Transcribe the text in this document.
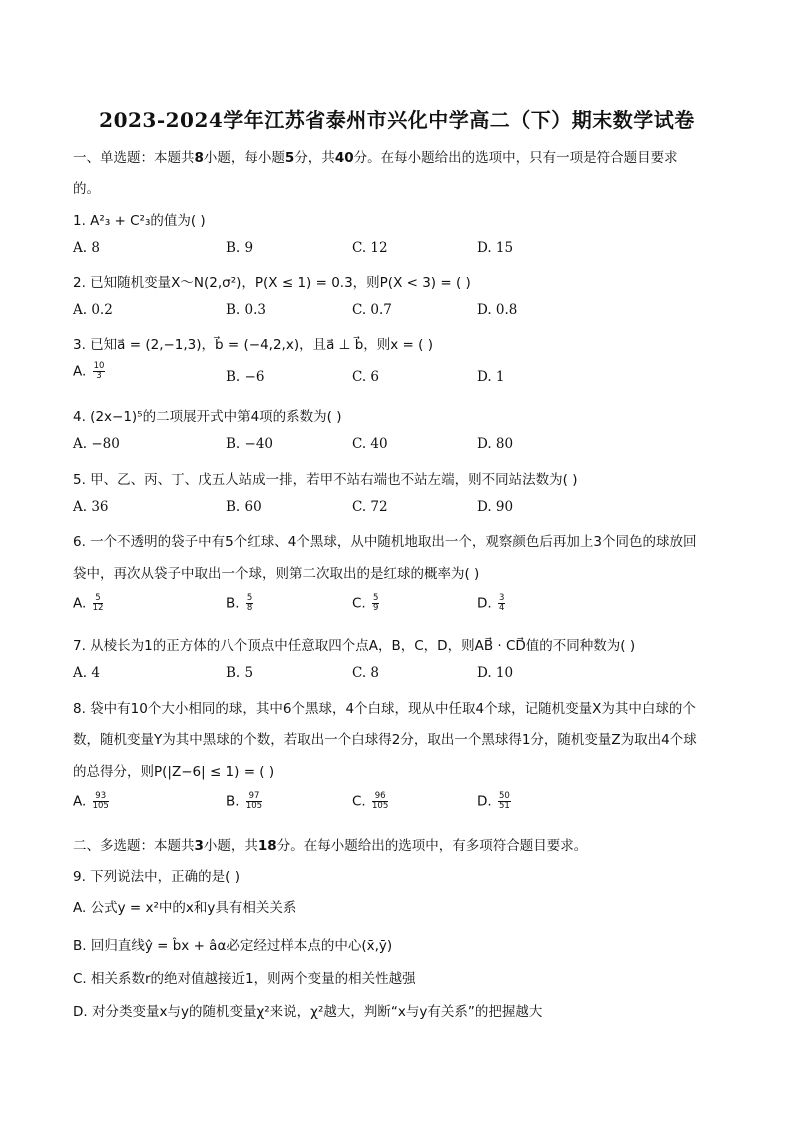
2023-2024学年江苏省泰州市兴化中学高二（下）期末数学试卷
一、单选题：本题共8小题，每小题5分，共40分。在每小题给出的选项中，只有一项是符合题目要求
的。
1. A²₃ + C²₃的值为( )
A. 8	B. 9	C. 12	D. 15
2. 已知随机变量X～N(2,σ²)，P(X ≤ 1) = 0.3，则P(X < 3) = ( )
A. 0.2	B. 0.3	C. 0.7	D. 0.8
3. 已知a⃗ = (2,−1,3)，b⃗ = (−4,2,x)，且a⃗ ⊥ b⃗，则x = ( )
A. $\frac{10}{3}$	B. −6	C. 6	D. 1
4. (2x−1)⁵的二项展开式中第4项的系数为( )
A. −80	B. −40	C. 40	D. 80
5. 甲、乙、丙、丁、戊五人站成一排，若甲不站右端也不站左端，则不同站法数为( )
A. 36	B. 60	C. 72	D. 90
6. 一个不透明的袋子中有5个红球、4个黑球，从中随机地取出一个，观察颜色后再加上3个同色的球放回
袋中，再次从袋子中取出一个球，则第二次取出的是红球的概率为( )
A. $\frac{5}{12}$	B. $\frac{5}{8}$	C. $\frac{5}{9}$	D. $\frac{3}{4}$
7. 从棱长为1的正方体的八个顶点中任意取四个点A，B，C，D，则AB⃗ · CD⃗值的不同种数为( )
A. 4	B. 5	C. 8	D. 10
8. 袋中有10个大小相同的球，其中6个黑球，4个白球，现从中任取4个球，记随机变量X为其中白球的个
数，随机变量Y为其中黑球的个数，若取出一个白球得2分，取出一个黑球得1分，随机变量Z为取出4个球
的总得分，则P(|Z−6| ≤ 1) = ( )
A. $\frac{93}{105}$	B. $\frac{97}{105}$	C. $\frac{96}{105}$	D. $\frac{50}{51}$
二、多选题：本题共3小题，共18分。在每小题给出的选项中，有多项符合题目要求。
9. 下列说法中，正确的是( )
A. 公式y = x²中的x和y具有相关关系
B. 回归直线ŷ = b̂x + âα必定经过样本点的中心(x̄,ȳ)
C. 相关系数r的绝对值越接近1，则两个变量的相关性越强
D. 对分类变量x与y的随机变量χ²来说，χ²越大，判断“x与y有关系”的把握越大
